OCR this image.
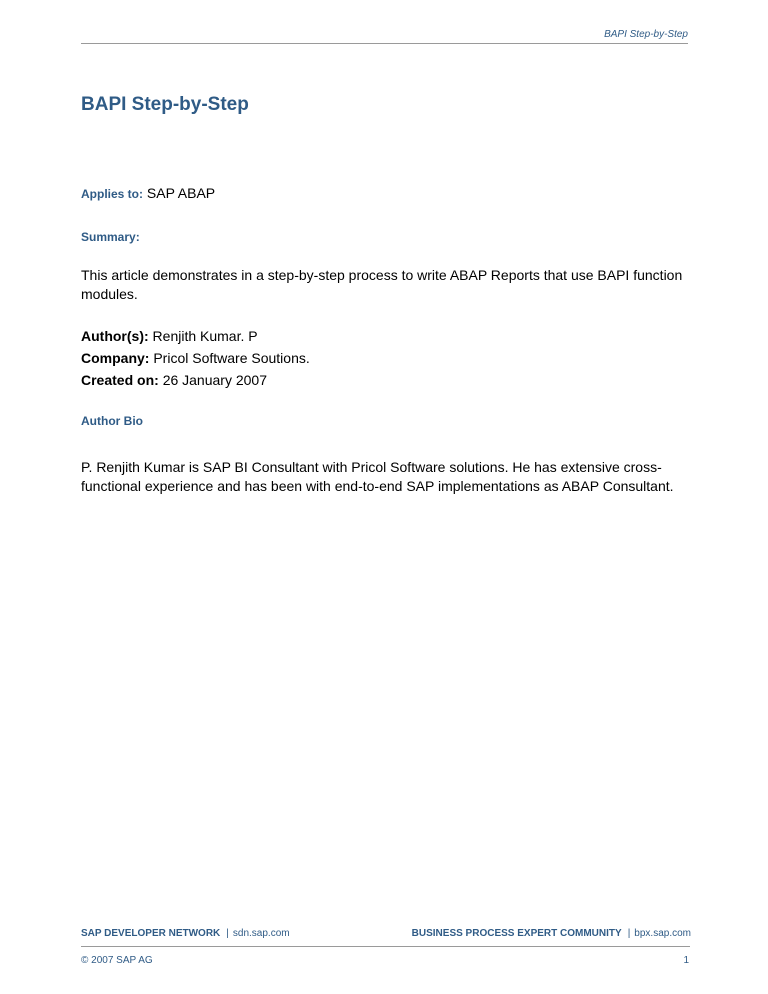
BAPI Step-by-Step
BAPI Step-by-Step
Applies to: SAP ABAP
Summary:

This article demonstrates in a step-by-step process to write ABAP Reports that use BAPI function modules.

Author(s): Renjith Kumar. P
Company: Pricol Software Soutions.
Created on: 26 January 2007
Author Bio

P. Renjith Kumar is SAP BI Consultant with Pricol Software solutions. He has extensive cross-functional experience and has been with end-to-end SAP implementations as ABAP Consultant.

SAP DEVELOPER NETWORK | sdn.sap.com	BUSINESS PROCESS EXPERT COMMUNITY | bpx.sap.com
© 2007 SAP AG	1
